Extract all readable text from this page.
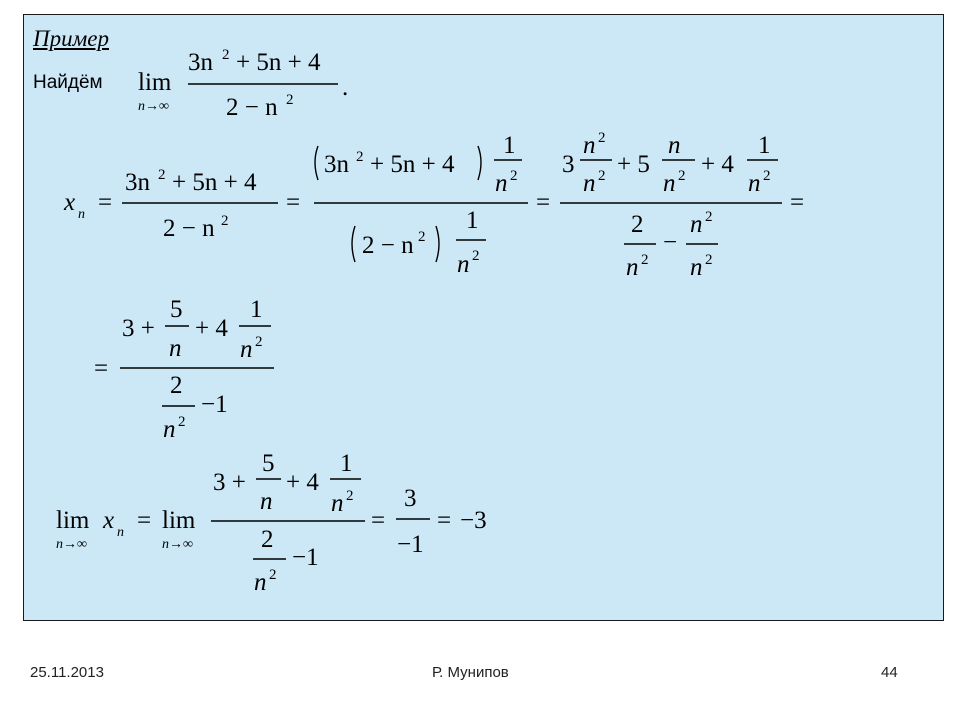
Пример
Найдём lim
n→∞
3n 2 + 5n + 4
2 − n 2 .
x n =
3n 2 + 5n + 4
2 − n 2
=
3n 2 + 5n + 4
1
n 2
2 − n 2
1
n 2
=
3
n 2
n 2 + 5
n
n 2 + 4
1
n 2
2
n 2
−
n 2
n 2
=
=
3 +
5
n
+ 4
1
n 2
2
n 2
−1
lim
n→∞
x n = lim
n→∞
3 +
5
n
+ 4
1
n 2
2
n 2
−1
=
3
−1
= −3
25.11.2013	Р. Мунипов	44
